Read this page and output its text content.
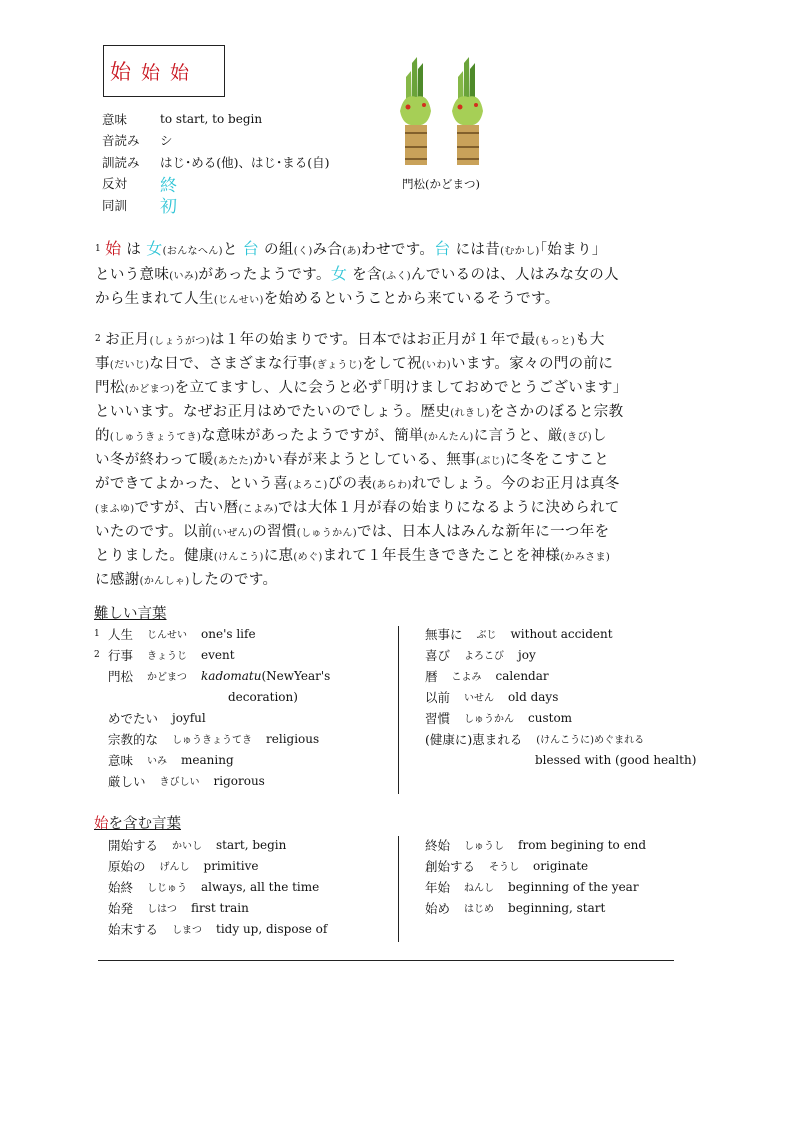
始 始 始
意味	to start, to begin
音読み	シ
訓読み	はじ･める(他)、はじ･まる(自)
反対	終
同訓	初
門松(かどまつ)
$^1$ 始 は 女(おんなへん)と 台 の組(く)み合(あ)わせです。台 には昔(むかし)｢始まり｣
という意味(いみ)があったようです。女 を含(ふく)んでいるのは、人はみな女の人
から生まれて人生(じんせい)を始めるということから来ているそうです。
$^2$ お正月(しょうがつ)は１年の始まりです。日本ではお正月が１年で最(もっと)も大
事(だいじ)な日で、さまざまな行事(ぎょうじ)をして祝(いわ)います。家々の門の前に
門松(かどまつ)を立てますし、人に会うと必ず｢明けましておめでとうございます｣
といいます。なぜお正月はめでたいのでしょう。歴史(れきし)をさかのぼると宗教
的(しゅうきょうてき)な意味があったようですが、簡単(かんたん)に言うと、厳(きび)し
い冬が終わって暖(あたた)かい春が来ようとしている、無事(ぶじ)に冬をこすこと
ができてよかった、という喜(よろこ)びの表(あらわ)れでしょう。今のお正月は真冬
(まふゆ)ですが、古い暦(こよみ)では大体１月が春の始まりになるように決められて
いたのです。以前(いぜん)の習慣(しゅうかん)では、日本人はみんな新年に一つ年を
とりました。健康(けんこう)に恵(めぐ)まれて１年長生きできたことを神様(かみさま)
に感謝(かんしゃ)したのです。
難しい言葉
1 人生 じんせい one's life
2 行事 きょうじ event
門松 かどまつ kadomatu (NewYear's
decoration)
めでたい joyful
宗教的な しゅうきょうてき religious
意味 いみ meaning
厳しい きびしい rigorous
無事に ぶじ without accident
喜び よろこび joy
暦 こよみ calendar
以前 いせん old days
習慣 しゅうかん custom
(健康に)恵まれる (けんこうに)めぐまれる
blessed with (good health)
始を含む言葉
開始する かいし start, begin
原始の げんし primitive
始終 しじゅう always, all the time
始発 しはつ first train
始末する しまつ tidy up, dispose of
終始 しゅうし from begining to end
創始する そうし originate
年始 ねんし beginning of the year
始め はじめ beginning, start
